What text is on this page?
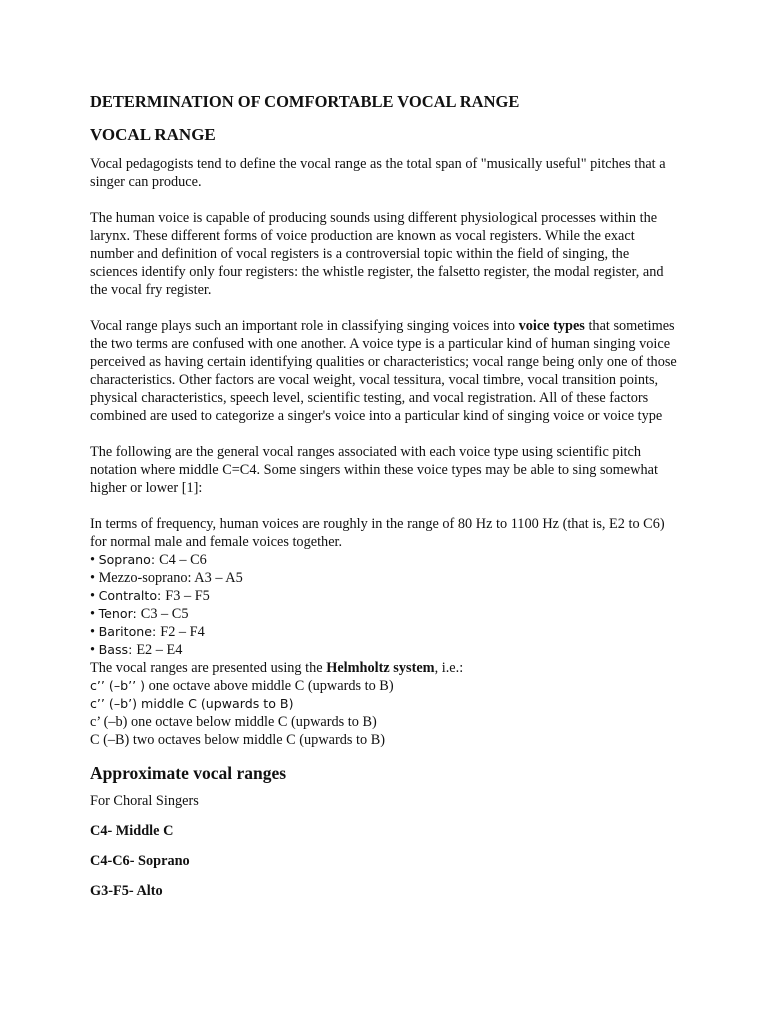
DETERMINATION OF COMFORTABLE VOCAL RANGE
VOCAL RANGE

Vocal pedagogists tend to define the vocal range as the total span of "musically useful" pitches that a singer can produce.

The human voice is capable of producing sounds using different physiological processes within the larynx. These different forms of voice production are known as vocal registers. While the exact number and definition of vocal registers is a controversial topic within the field of singing, the sciences identify only four registers: the whistle register, the falsetto register, the modal register, and the vocal fry register.

Vocal range plays such an important role in classifying singing voices into voice types that sometimes the two terms are confused with one another. A voice type is a particular kind of human singing voice perceived as having certain identifying qualities or characteristics; vocal range being only one of those characteristics. Other factors are vocal weight, vocal tessitura, vocal timbre, vocal transition points, physical characteristics, speech level, scientific testing, and vocal registration. All of these factors combined are used to categorize a singer's voice into a particular kind of singing voice or voice type

The following are the general vocal ranges associated with each voice type using scientific pitch notation where middle C=C4. Some singers within these voice types may be able to sing somewhat higher or lower [1]:

In terms of frequency, human voices are roughly in the range of 80 Hz to 1100 Hz (that is, E2 to C6) for normal male and female voices together.
• Soprano: C4 – C6
• Mezzo-soprano: A3 – A5
• Contralto: F3 – F5
• Tenor: C3 – C5
• Baritone: F2 – F4
• Bass: E2 – E4
The vocal ranges are presented using the Helmholtz system, i.e.:
c’’ (–b’’ ) one octave above middle C (upwards to B)
c’’ (–b’) middle C (upwards to B)
c’ (–b) one octave below middle C (upwards to B)
C (–B) two octaves below middle C (upwards to B)
Approximate vocal ranges
For Choral Singers
C4- Middle C
C4-C6- Soprano
G3-F5- Alto
